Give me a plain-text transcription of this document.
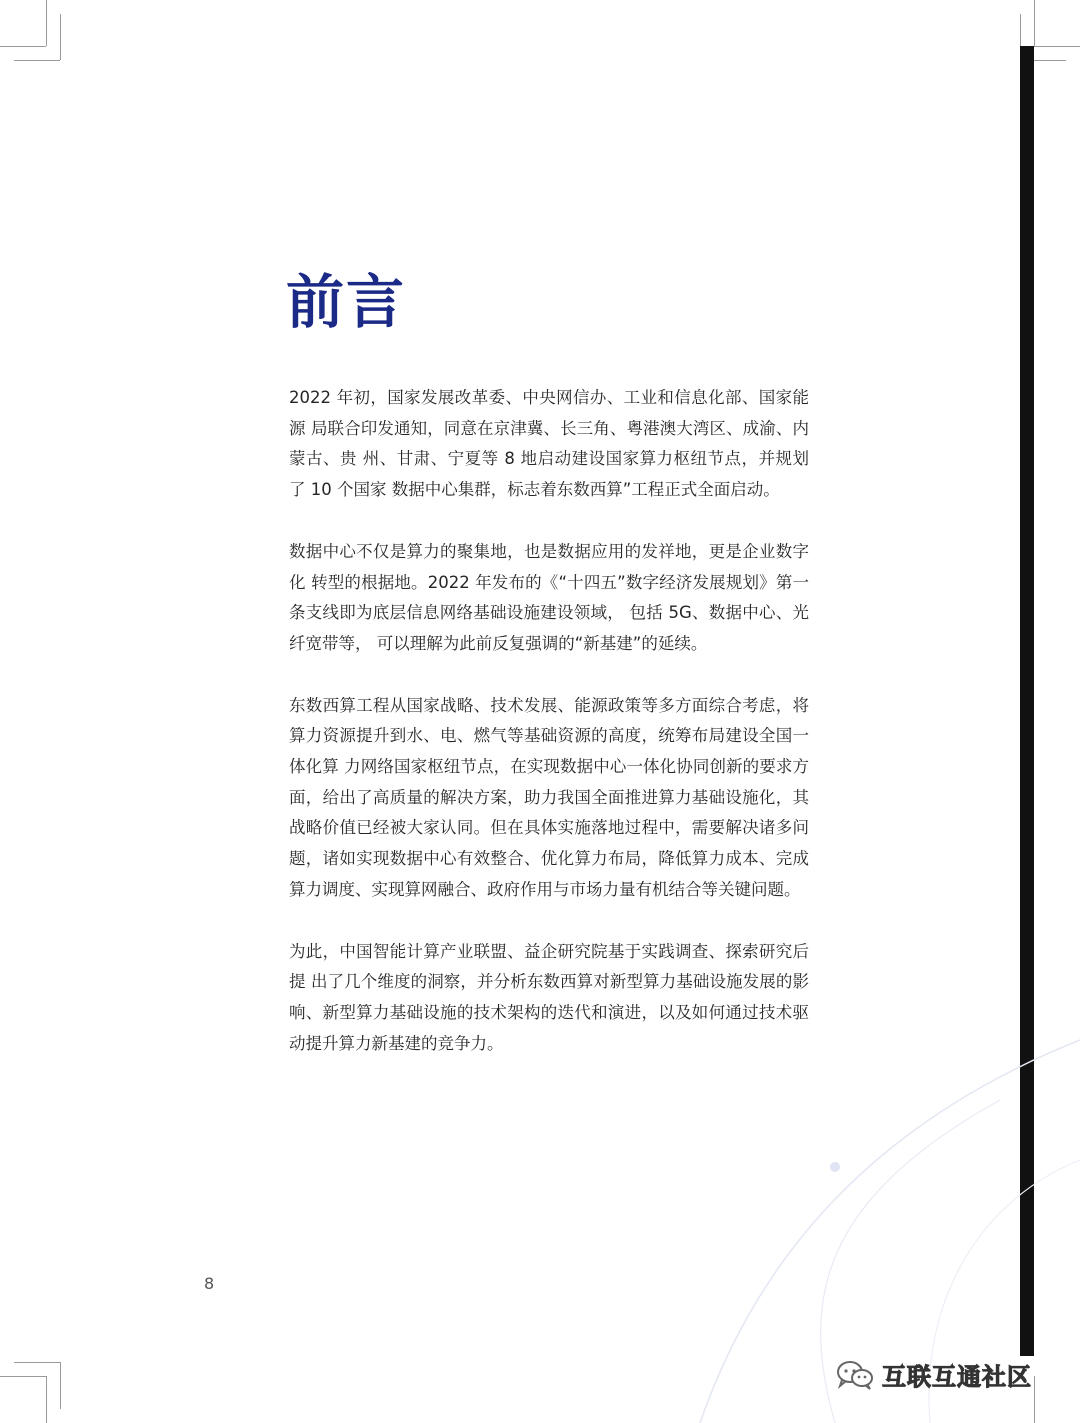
前言

2022 年初，国家发展改革委、中央网信办、工业和信息化部、国家能源 局联合印发通知，同意在京津冀、长三角、粤港澳大湾区、成渝、内蒙古、贵 州、甘肃、宁夏等 8 地启动建设国家算力枢纽节点，并规划了 10 个国家 数据中心集群，标志着东数西算”工程正式全面启动。

数据中心不仅是算力的聚集地，也是数据应用的发祥地，更是企业数字化 转型的根据地。2022 年发布的《“十四五”数字经济发展规划》第一条支线即为底层信息网络基础设施建设领域， 包括 5G、数据中心、光纤宽带等， 可以理解为此前反复强调的“新基建”的延续。

东数西算工程从国家战略、技术发展、能源政策等多方面综合考虑，将算力资源提升到水、电、燃气等基础资源的高度，统筹布局建设全国一体化算 力网络国家枢纽节点，在实现数据中心一体化协同创新的要求方面，给出了高质量的解决方案，助力我国全面推进算力基础设施化，其战略价值已经被大家认同。但在具体实施落地过程中，需要解决诸多问题，诸如实现数据中心有效整合、优化算力布局，降低算力成本、完成算力调度、实现算网融合、政府作用与市场力量有机结合等关键问题。

为此，中国智能计算产业联盟、益企研究院基于实践调查、探索研究后提 出了几个维度的洞察，并分析东数西算对新型算力基础设施发展的影 响、新型算力基础设施的技术架构的迭代和演进，以及如何通过技术驱动提升算力新基建的竞争力。

8
互联互通社区
